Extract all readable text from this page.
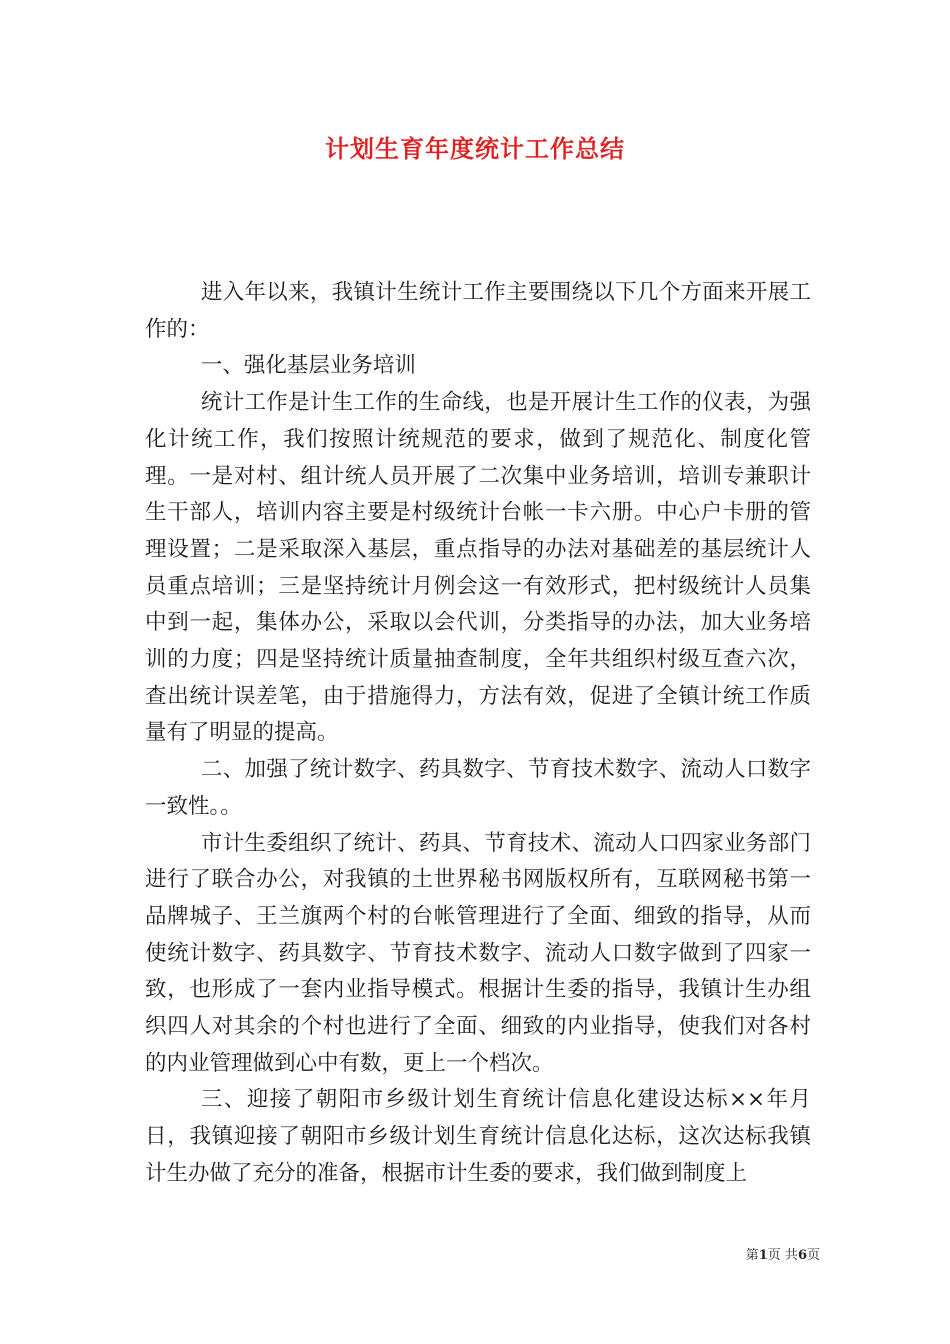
计划生育年度统计工作总结

进入年以来，我镇计生统计工作主要围绕以下几个方面来开展工作的：

一、强化基层业务培训

统计工作是计生工作的生命线，也是开展计生工作的仪表，为强化计统工作，我们按照计统规范的要求，做到了规范化、制度化管理。一是对村、组计统人员开展了二次集中业务培训，培训专兼职计生干部人，培训内容主要是村级统计台帐一卡六册。中心户卡册的管理设置；二是采取深入基层，重点指导的办法对基础差的基层统计人员重点培训；三是坚持统计月例会这一有效形式，把村级统计人员集中到一起，集体办公，采取以会代训，分类指导的办法，加大业务培训的力度；四是坚持统计质量抽查制度，全年共组织村级互查六次，查出统计误差笔，由于措施得力，方法有效，促进了全镇计统工作质量有了明显的提高。

二、加强了统计数字、药具数字、节育技术数字、流动人口数字一致性。。

市计生委组织了统计、药具、节育技术、流动人口四家业务部门进行了联合办公，对我镇的土世界秘书网版权所有，互联网秘书第一品牌城子、王兰旗两个村的台帐管理进行了全面、细致的指导，从而使统计数字、药具数字、节育技术数字、流动人口数字做到了四家一致，也形成了一套内业指导模式。根据计生委的指导，我镇计生办组织四人对其余的个村也进行了全面、细致的内业指导，使我们对各村的内业管理做到心中有数，更上一个档次。

三、迎接了朝阳市乡级计划生育统计信息化建设达标××年月日，我镇迎接了朝阳市乡级计划生育统计信息化达标，这次达标我镇计生办做了充分的准备，根据市计生委的要求，我们做到制度上

第1页 共6页
